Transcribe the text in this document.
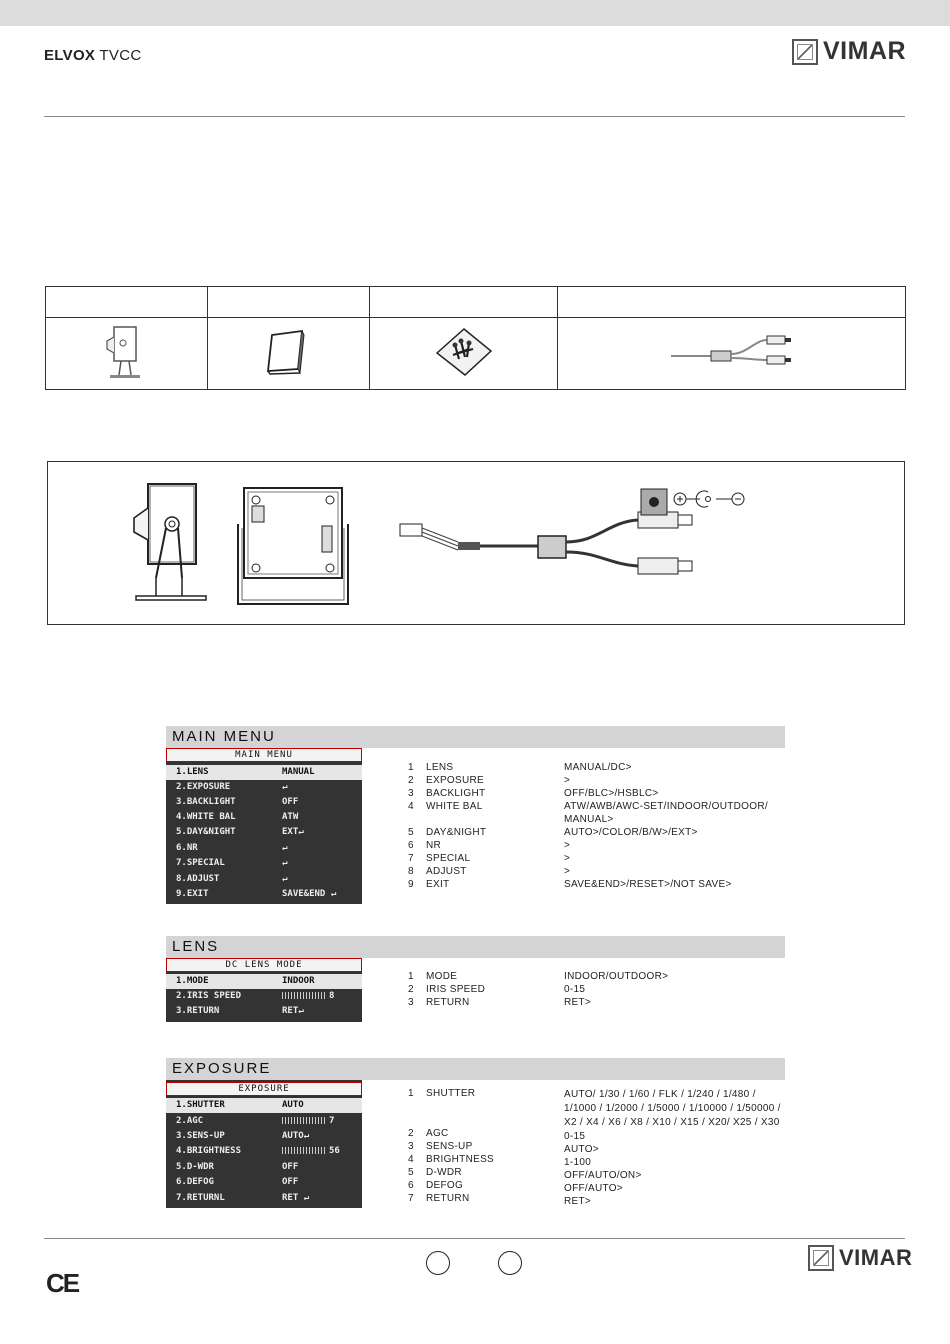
ELVOX TVCC	VIMAR

MAIN MENU
MAIN MENU
1.LENS	MANUAL
2.EXPOSURE	↵
3.BACKLIGHT	OFF
4.WHITE BAL	ATW
5.DAY&NIGHT	EXT↵
6.NR	↵
7.SPECIAL	↵
8.ADJUST	↵
9.EXIT	SAVE&END ↵
1 LENS	MANUAL/DC>
2 EXPOSURE	>
3 BACKLIGHT	OFF/BLC>/HSBLC>
4 WHITE BAL	ATW/AWB/AWC-SET/INDOOR/OUTDOOR/
MANUAL>
5 DAY&NIGHT	AUTO>/COLOR/B/W>/EXT>
6 NR	>
7 SPECIAL	>
8 ADJUST	>
9 EXIT	SAVE&END>/RESET>/NOT SAVE>
LENS
DC LENS MODE
1.MODE	INDOOR
2.IRIS SPEED	8
3.RETURN	RET↵
1 MODE	INDOOR/OUTDOOR>
2 IRIS SPEED	0-15
3 RETURN	RET>
EXPOSURE
EXPOSURE
1.SHUTTER	AUTO
2.AGC	7
3.SENS-UP	AUTO↵
4.BRIGHTNESS	56
5.D-WDR	OFF
6.DEFOG	OFF
7.RETURNL	RET ↵
1 SHUTTER	AUTO/ 1/30 / 1/60 / FLK / 1/240 / 1/480 /
1/1000 / 1/2000 / 1/5000 / 1/10000 / 1/50000 /
X2 / X4 / X6 / X8 / X10 / X15 / X20/ X25 / X30
2 AGC	0-15
3 SENS-UP	AUTO>
4 BRIGHTNESS	1-100
5 D-WDR	OFF/AUTO/ON>
6 DEFOG	OFF/AUTO>
7 RETURN	RET>
CE
VIMAR
